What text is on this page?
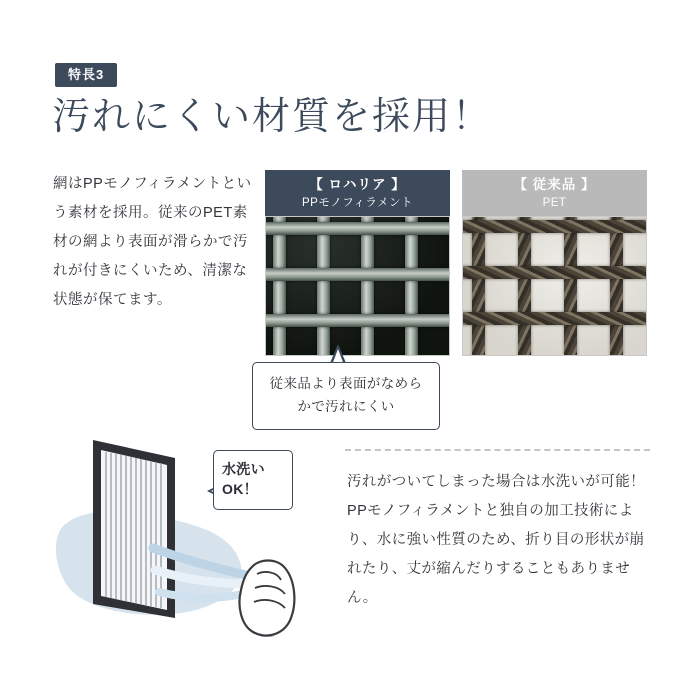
特長3
汚れにくい材質を採用！
網はPPモノフィラメントという素材を採用。従来のPET素材の網より表面が滑らかで汚れが付きにくいため、清潔な状態が保てます。
【 ロハリア 】
PPモノフィラメント
【 従来品 】
PET
従来品より表面がなめらかで汚れにくい
汚れがついてしまった場合は水洗いが可能！PPモノフィラメントと独自の加工技術により、水に強い性質のため、折り目の形状が崩れたり、丈が縮んだりすることもありません。
水洗いOK！
